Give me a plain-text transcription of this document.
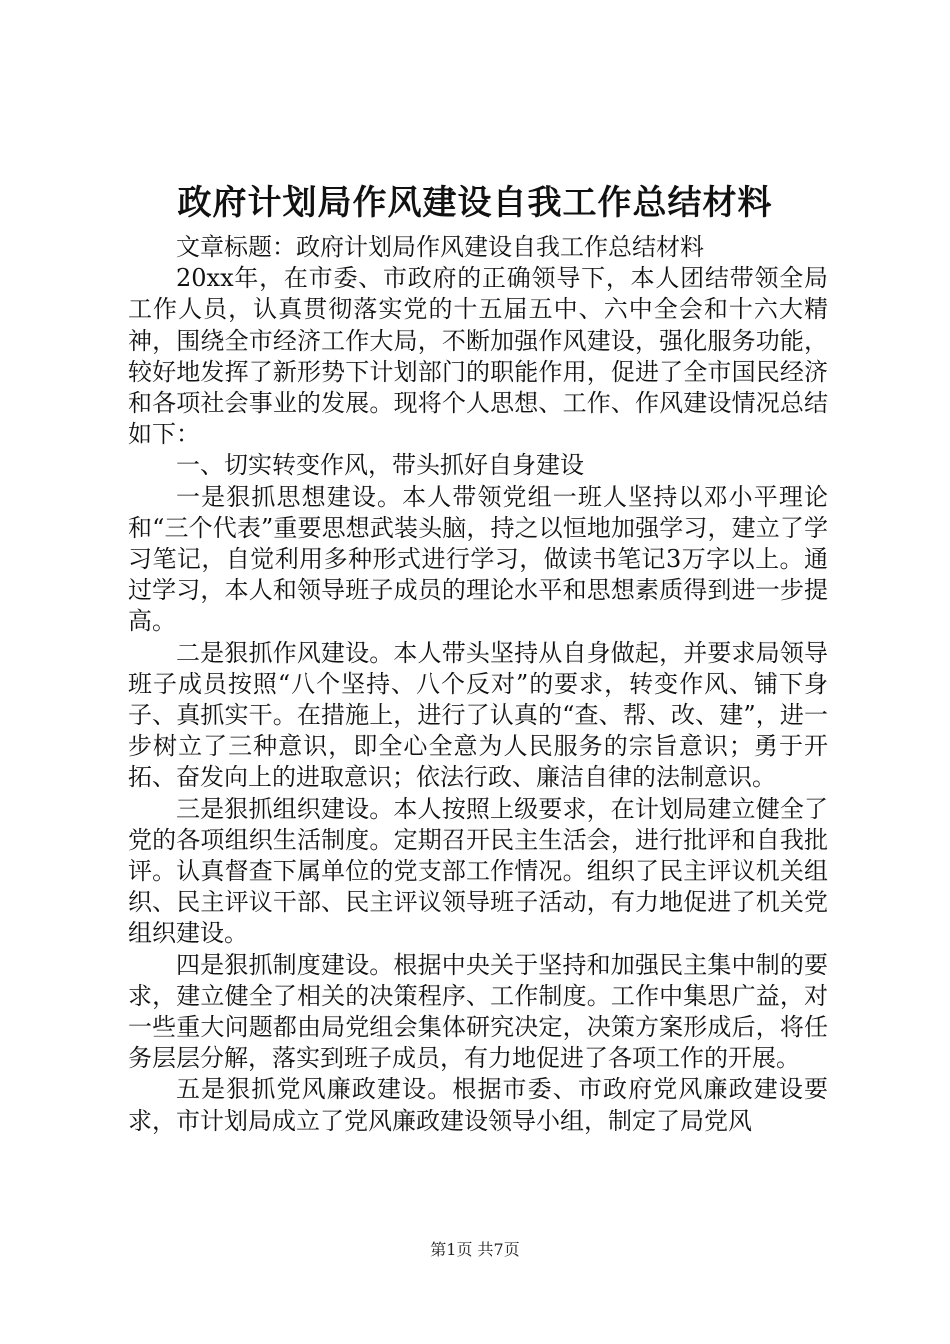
政府计划局作风建设自我工作总结材料

文章标题：政府计划局作风建设自我工作总结材料

20xx年，在市委、市政府的正确领导下，本人团结带领全局工作人员，认真贯彻落实党的十五届五中、六中全会和十六大精神，围绕全市经济工作大局，不断加强作风建设，强化服务功能，较好地发挥了新形势下计划部门的职能作用，促进了全市国民经济和各项社会事业的发展。现将个人思想、工作、作风建设情况总结如下：

一、切实转变作风，带头抓好自身建设

一是狠抓思想建设。本人带领党组一班人坚持以邓小平理论和“三个代表”重要思想武装头脑，持之以恒地加强学习，建立了学习笔记，自觉利用多种形式进行学习，做读书笔记3万字以上。通过学习，本人和领导班子成员的理论水平和思想素质得到进一步提高。

二是狠抓作风建设。本人带头坚持从自身做起，并要求局领导班子成员按照“八个坚持、八个反对”的要求，转变作风、铺下身子、真抓实干。在措施上，进行了认真的“查、帮、改、建”，进一步树立了三种意识，即全心全意为人民服务的宗旨意识；勇于开拓、奋发向上的进取意识；依法行政、廉洁自律的法制意识。

三是狠抓组织建设。本人按照上级要求，在计划局建立健全了党的各项组织生活制度。定期召开民主生活会，进行批评和自我批评。认真督查下属单位的党支部工作情况。组织了民主评议机关组织、民主评议干部、民主评议领导班子活动，有力地促进了机关党组织建设。

四是狠抓制度建设。根据中央关于坚持和加强民主集中制的要求，建立健全了相关的决策程序、工作制度。工作中集思广益，对一些重大问题都由局党组会集体研究决定，决策方案形成后，将任务层层分解，落实到班子成员，有力地促进了各项工作的开展。

五是狠抓党风廉政建设。根据市委、市政府党风廉政建设要求，市计划局成立了党风廉政建设领导小组，制定了局党风

第1页 共7页
